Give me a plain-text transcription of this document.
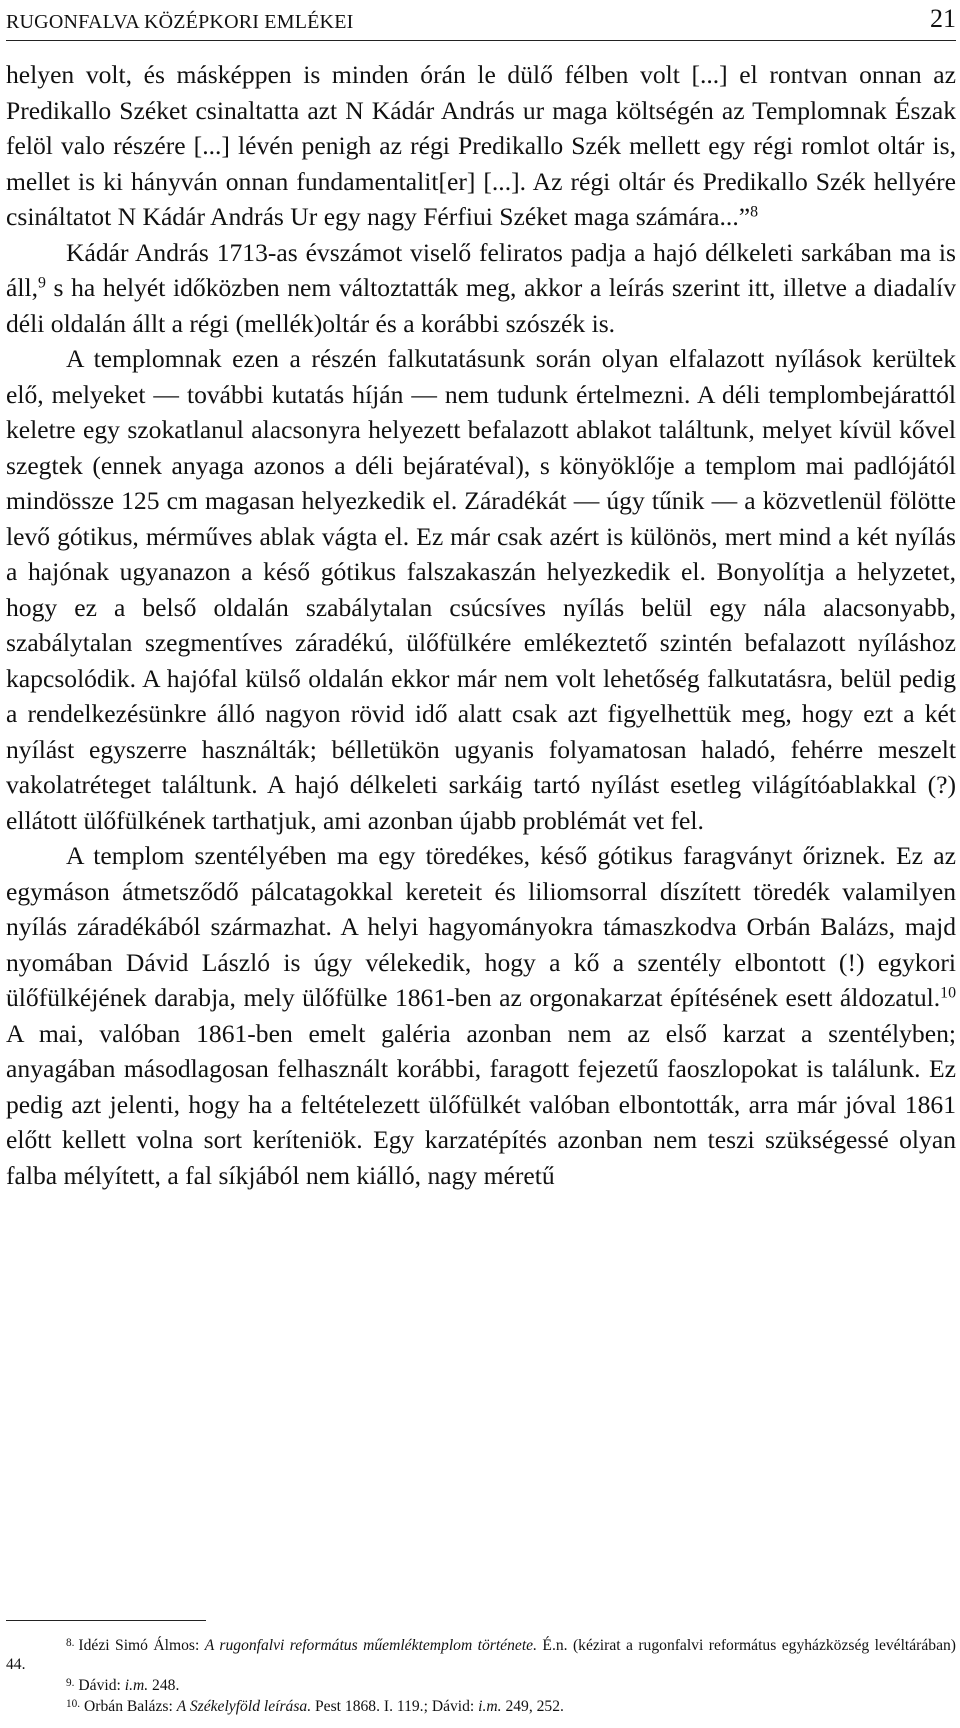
RUGONFALVA KÖZÉPKORI EMLÉKEI	21

helyen volt, és másképpen is minden órán le dülő félben volt [...] el rontvan onnan az Predikallo Széket csinaltatta azt N Kádár András ur maga költségén az Templomnak Észak felöl valo részére [...] lévén penigh az régi Predikallo Szék mellett egy régi romlot oltár is, mellet is ki hányván onnan fundamentalit[er] [...]. Az régi oltár és Predikallo Szék hellyére csináltatot N Kádár András Ur egy nagy Férfiui Széket maga számára...”$^8$

Kádár András 1713-as évszámot viselő feliratos padja a hajó délkeleti sarkában ma is áll,$^9$ s ha helyét időközben nem változtatták meg, akkor a leírás szerint itt, illetve a diadalív déli oldalán állt a régi (mellék)oltár és a korábbi szószék is.

A templomnak ezen a részén falkutatásunk során olyan elfalazott nyílások kerültek elő, melyeket — további kutatás híján — nem tudunk értelmezni. A déli templombejárattól keletre egy szokatlanul alacsonyra helyezett befalazott ablakot találtunk, melyet kívül kővel szegtek (ennek anyaga azonos a déli bejáratéval), s könyöklője a templom mai padlójától mindössze 125 cm magasan helyezkedik el. Záradékát — úgy tűnik — a közvetlenül fölötte levő gótikus, mérműves ablak vágta el. Ez már csak azért is különös, mert mind a két nyílás a hajónak ugyanazon a késő gótikus falszakaszán helyezkedik el. Bonyolítja a helyzetet, hogy ez a belső oldalán szabálytalan csúcsíves nyílás belül egy nála alacsonyabb, szabálytalan szegmentíves záradékú, ülőfülkére emlékeztető szintén befalazott nyíláshoz kapcsolódik. A hajófal külső oldalán ekkor már nem volt lehetőség falkutatásra, belül pedig a rendelkezésünkre álló nagyon rövid idő alatt csak azt figyelhettük meg, hogy ezt a két nyílást egyszerre használták; bélletükön ugyanis folyamatosan haladó, fehérre meszelt vakolatréteget találtunk. A hajó délkeleti sarkáig tartó nyílást esetleg világítóablakkal (?) ellátott ülőfülkének tarthatjuk, ami azonban újabb problémát vet fel.

A templom szentélyében ma egy töredékes, késő gótikus faragványt őriznek. Ez az egymáson átmetsződő pálcatagokkal kereteit és liliomsorral díszített töredék valamilyen nyílás záradékából származhat. A helyi hagyományokra támaszkodva Orbán Balázs, majd nyomában Dávid László is úgy vélekedik, hogy a kő a szentély elbontott (!) egykori ülőfülkéjének darabja, mely ülőfülke 1861-ben az orgonakarzat építésének esett áldozatul.$^{10}$ A mai, valóban 1861-ben emelt galéria azonban nem az első karzat a szentélyben; anyagában másodlagosan felhasznált korábbi, faragott fejezetű faoszlopokat is találunk. Ez pedig azt jelenti, hogy ha a feltételezett ülőfülkét valóban elbontották, arra már jóval 1861 előtt kellett volna sort keríteniök. Egy karzatépítés azonban nem teszi szükségessé olyan falba mélyített, a fal síkjából nem kiálló, nagy méretű

$^{8.}$ Idézi Simó Álmos: A rugonfalvi református műemléktemplom története. É.n. (kézirat a rugonfalvi református egyházközség levéltárában) 44.

$^{9.}$ Dávid: i.m. 248.

$^{10.}$ Orbán Balázs: A Székelyföld leírása. Pest 1868. I. 119.; Dávid: i.m. 249, 252.
